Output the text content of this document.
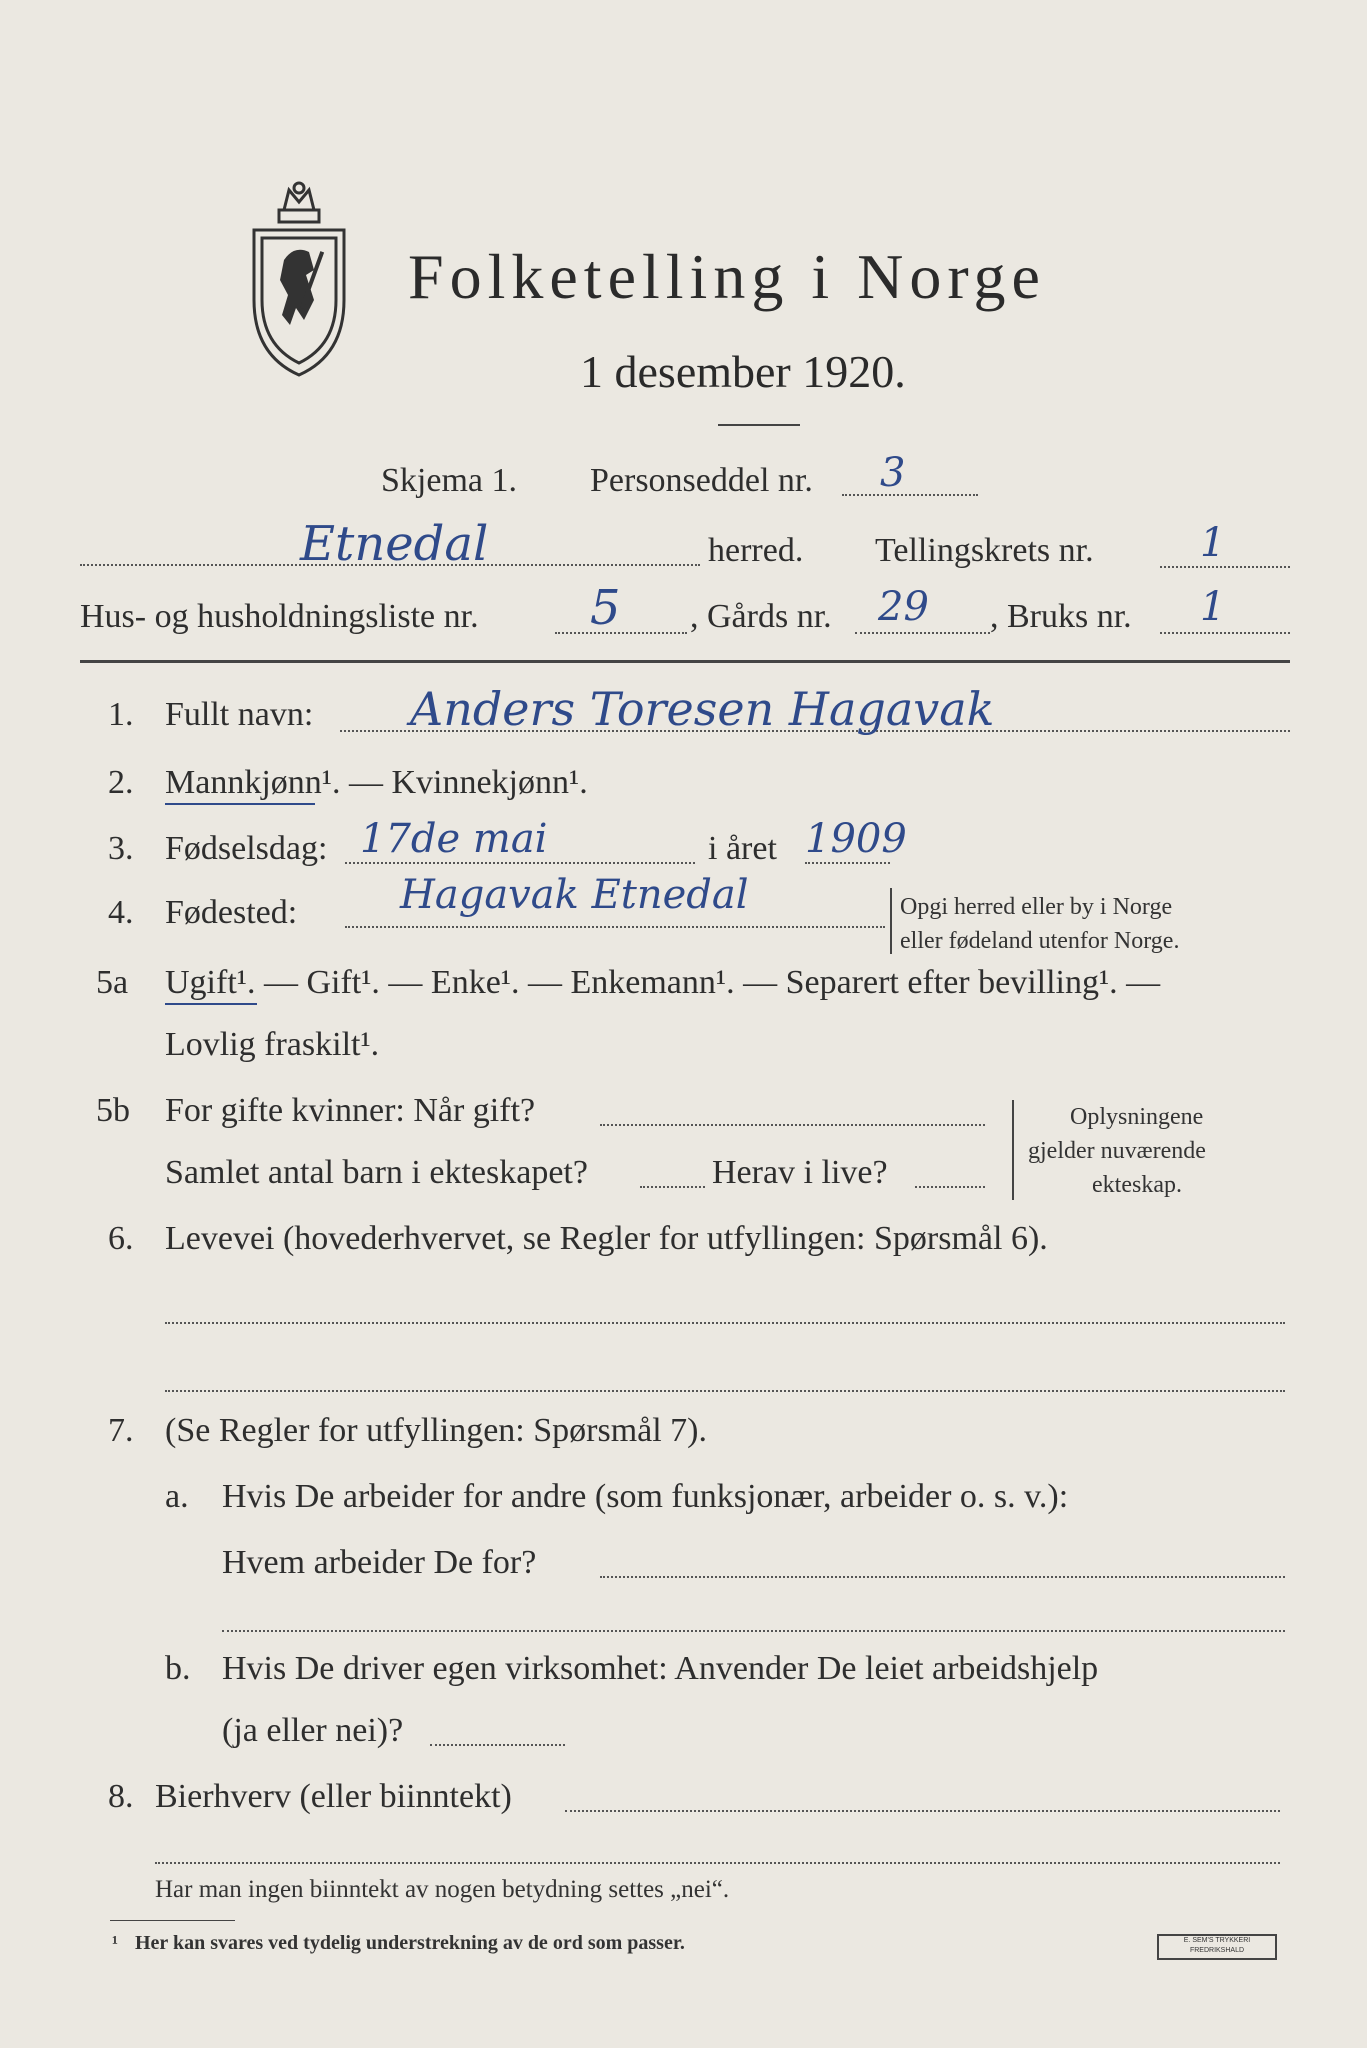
Folketelling i Norge
1 desember 1920.
Skjema 1. Personseddel nr. 3
Etnedal	herred. Tellingskrets nr.	1
Hus- og husholdningsliste nr. 5 , Gårds nr. 29 , Bruks nr. 1
1. Fullt navn: Anders Toresen Hagavak
2. Mannkjønn¹. — Kvinnekjønn¹.
3. Fødselsdag: 17de mai	i året 1909
4. Fødested:	Hagavak Etnedal	Opgi herred eller by i Norge
eller fødeland utenfor Norge.
5a Ugift¹. — Gift¹. — Enke¹. — Enkemann¹. — Separert efter bevilling¹. —
Lovlig fraskilt¹.
5b For gifte kvinner: Når gift?
Samlet antal barn i ekteskapet?	Herav i live?
Oplysningene
gjelder nuværende
ekteskap.
6. Levevei (hovederhvervet, se Regler for utfyllingen: Spørsmål 6).
7. (Se Regler for utfyllingen: Spørsmål 7).
a. Hvis De arbeider for andre (som funksjonær, arbeider o. s. v.):
Hvem arbeider De for?
b. Hvis De driver egen virksomhet: Anvender De leiet arbeidshjelp
(ja eller nei)?
8. Bierhverv (eller biinntekt)
Har man ingen biinntekt av nogen betydning settes „nei“.
¹ Her kan svares ved tydelig understrekning av de ord som passer.	E. SEM'S TRYKKERI FREDRIKSHALD
